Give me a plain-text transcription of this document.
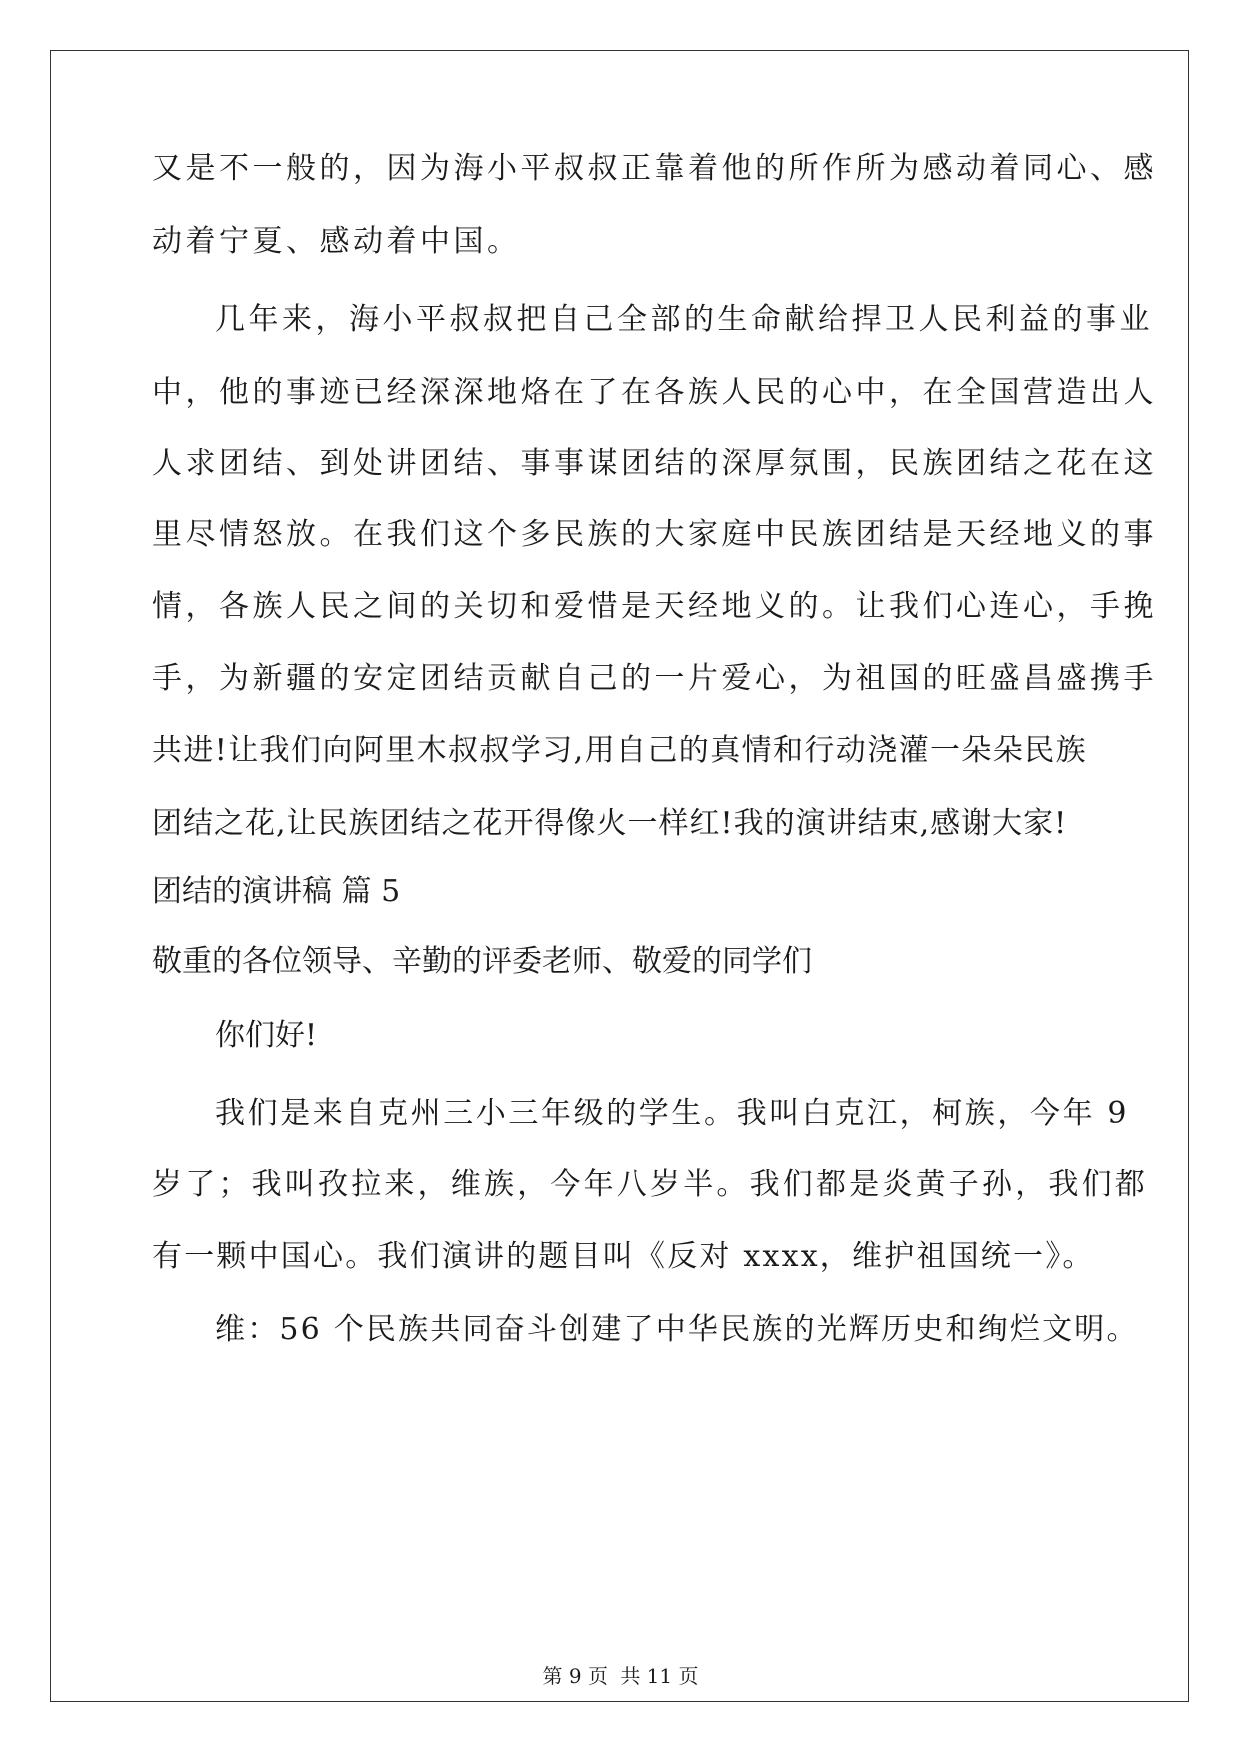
又是不一般的，因为海小平叔叔正靠着他的所作所为感动着同心、感
动着宁夏、感动着中国。
几年来，海小平叔叔把自己全部的生命献给捍卫人民利益的事业
中，他的事迹已经深深地烙在了在各族人民的心中，在全国营造出人
人求团结、到处讲团结、事事谋团结的深厚氛围，民族团结之花在这
里尽情怒放。在我们这个多民族的大家庭中民族团结是天经地义的事
情，各族人民之间的关切和爱惜是天经地义的。让我们心连心，手挽
手，为新疆的安定团结贡献自己的一片爱心，为祖国的旺盛昌盛携手
共进!让我们向阿里木叔叔学习,用自己的真情和行动浇灌一朵朵民族
团结之花,让民族团结之花开得像火一样红!我的演讲结束,感谢大家!
团结的演讲稿 篇 5
敬重的各位领导、辛勤的评委老师、敬爱的同学们
你们好!
我们是来自克州三小三年级的学生。我叫白克江，柯族，今年 9
岁了；我叫孜拉来，维族，今年八岁半。我们都是炎黄子孙，我们都
有一颗中国心。我们演讲的题目叫《反对 xxxx，维护祖国统一》。
维：56 个民族共同奋斗创建了中华民族的光辉历史和绚烂文明。
第 9 页 共 11 页
